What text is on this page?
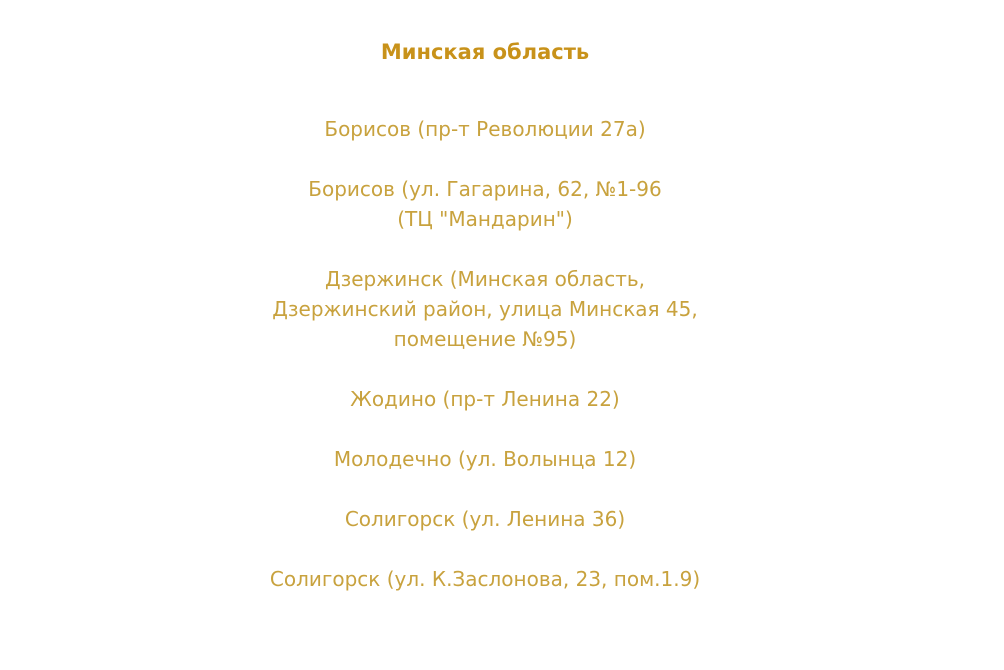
Минская область
Борисов (пр-т Революции 27а)
Борисов (ул. Гагарина, 62, №1-96
(ТЦ "Мандарин")
Дзержинск (Минская область,
Дзержинский район, улица Минская 45,
помещение №95)
Жодино (пр-т Ленина 22)
Молодечно (ул. Волынца 12)
Солигорск (ул. Ленина 36)
Солигорск (ул. К.Заслонова, 23, пом.1.9)
